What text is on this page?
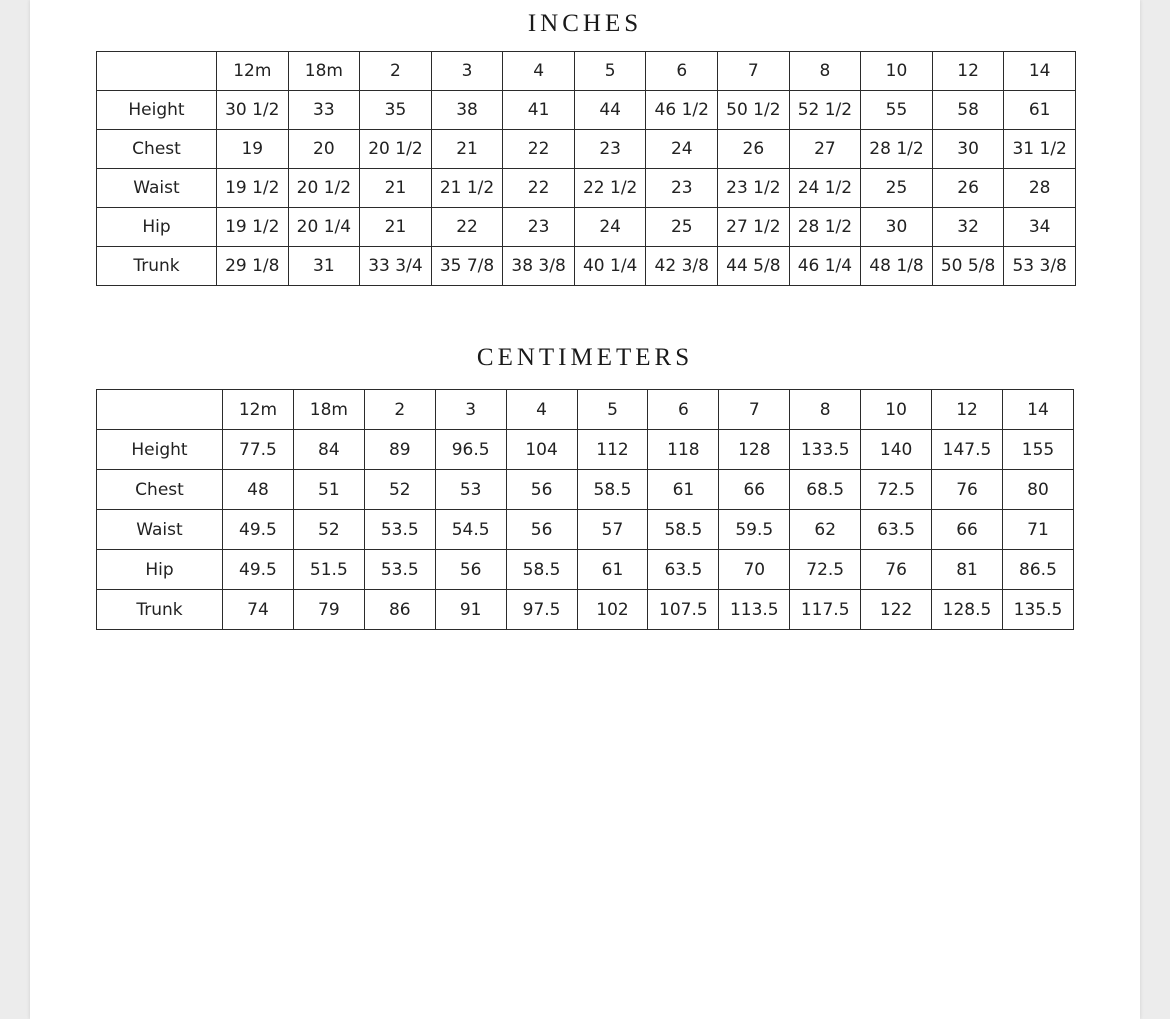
INCHES
	12m	18m	2	3	4	5	6	7	8	10	12	14
Height	30 1/2	33	35	38	41	44	46 1/2	50 1/2	52 1/2	55	58	61
Chest	19	20	20 1/2	21	22	23	24	26	27	28 1/2	30	31 1/2
Waist	19 1/2	20 1/2	21	21 1/2	22	22 1/2	23	23 1/2	24 1/2	25	26	28
Hip	19 1/2	20 1/4	21	22	23	24	25	27 1/2	28 1/2	30	32	34
Trunk	29 1/8	31	33 3/4	35 7/8	38 3/8	40 1/4	42 3/8	44 5/8	46 1/4	48 1/8	50 5/8	53 3/8
CENTIMETERS
	12m	18m	2	3	4	5	6	7	8	10	12	14
Height	77.5	84	89	96.5	104	112	118	128	133.5	140	147.5	155
Chest	48	51	52	53	56	58.5	61	66	68.5	72.5	76	80
Waist	49.5	52	53.5	54.5	56	57	58.5	59.5	62	63.5	66	71
Hip	49.5	51.5	53.5	56	58.5	61	63.5	70	72.5	76	81	86.5
Trunk	74	79	86	91	97.5	102	107.5	113.5	117.5	122	128.5	135.5
